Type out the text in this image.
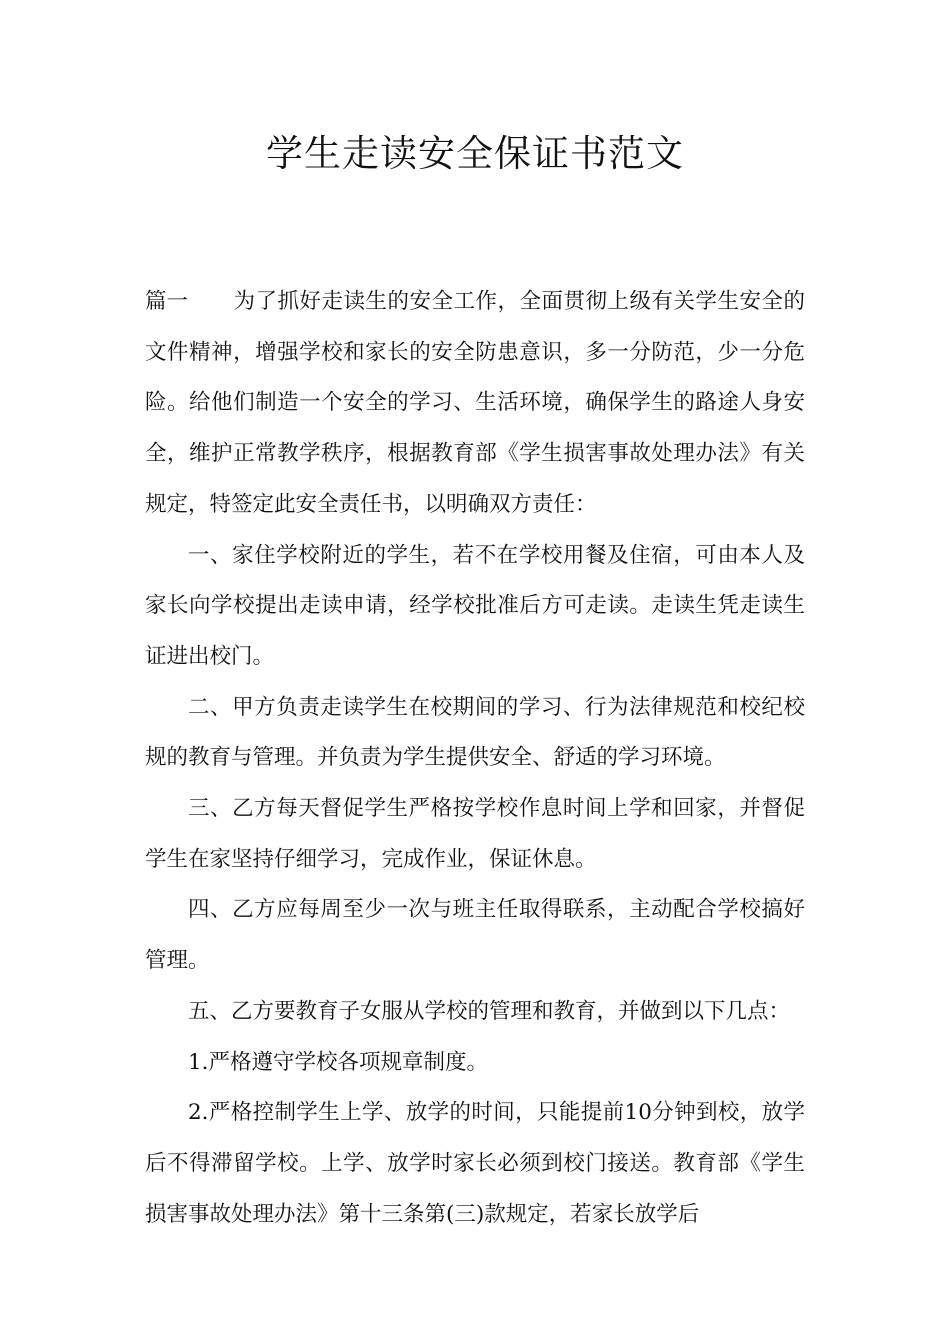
学生走读安全保证书范文

篇一 为了抓好走读生的安全工作，全面贯彻上级有关学生安全的文件精神，增强学校和家长的安全防患意识，多一分防范，少一分危险。给他们制造一个安全的学习、生活环境，确保学生的路途人身安全，维护正常教学秩序，根据教育部《学生损害事故处理办法》有关规定，特签定此安全责任书，以明确双方责任：

一、家住学校附近的学生，若不在学校用餐及住宿，可由本人及家长向学校提出走读申请，经学校批准后方可走读。走读生凭走读生证进出校门。

二、甲方负责走读学生在校期间的学习、行为法律规范和校纪校规的教育与管理。并负责为学生提供安全、舒适的学习环境。

三、乙方每天督促学生严格按学校作息时间上学和回家，并督促学生在家坚持仔细学习，完成作业，保证休息。

四、乙方应每周至少一次与班主任取得联系，主动配合学校搞好管理。

五、乙方要教育子女服从学校的管理和教育，并做到以下几点：

1.严格遵守学校各项规章制度。

2.严格控制学生上学、放学的时间，只能提前10分钟到校，放学后不得滞留学校。上学、放学时家长必须到校门接送。教育部《学生损害事故处理办法》第十三条第(三)款规定，若家长放学后
